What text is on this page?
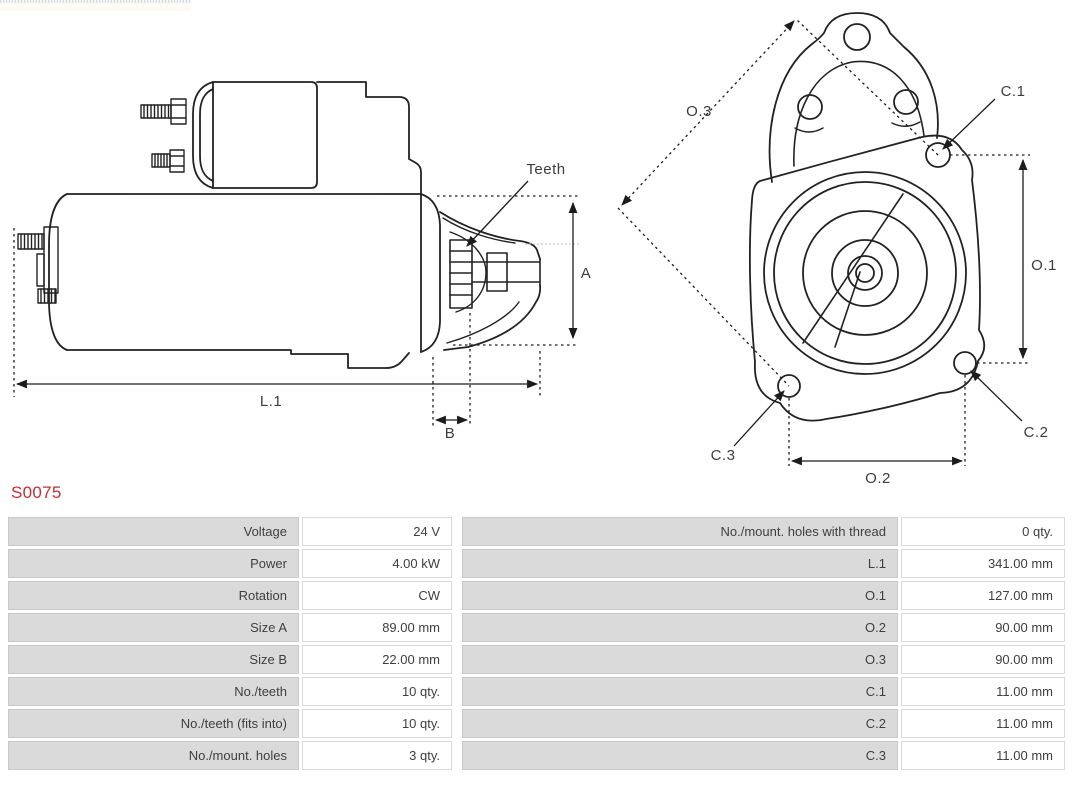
Teeth
A
L.1
B
O.3
C.1
O.1
C.2
C.3
O.2
S0075
Voltage	24 V
Power	4.00 kW
Rotation	CW
Size A	89.00 mm
Size B	22.00 mm
No./teeth	10 qty.
No./teeth (fits into)	10 qty.
No./mount. holes	3 qty.
No./mount. holes with thread	0 qty.
L.1	341.00 mm
O.1	127.00 mm
O.2	90.00 mm
O.3	90.00 mm
C.1	11.00 mm
C.2	11.00 mm
C.3	11.00 mm
